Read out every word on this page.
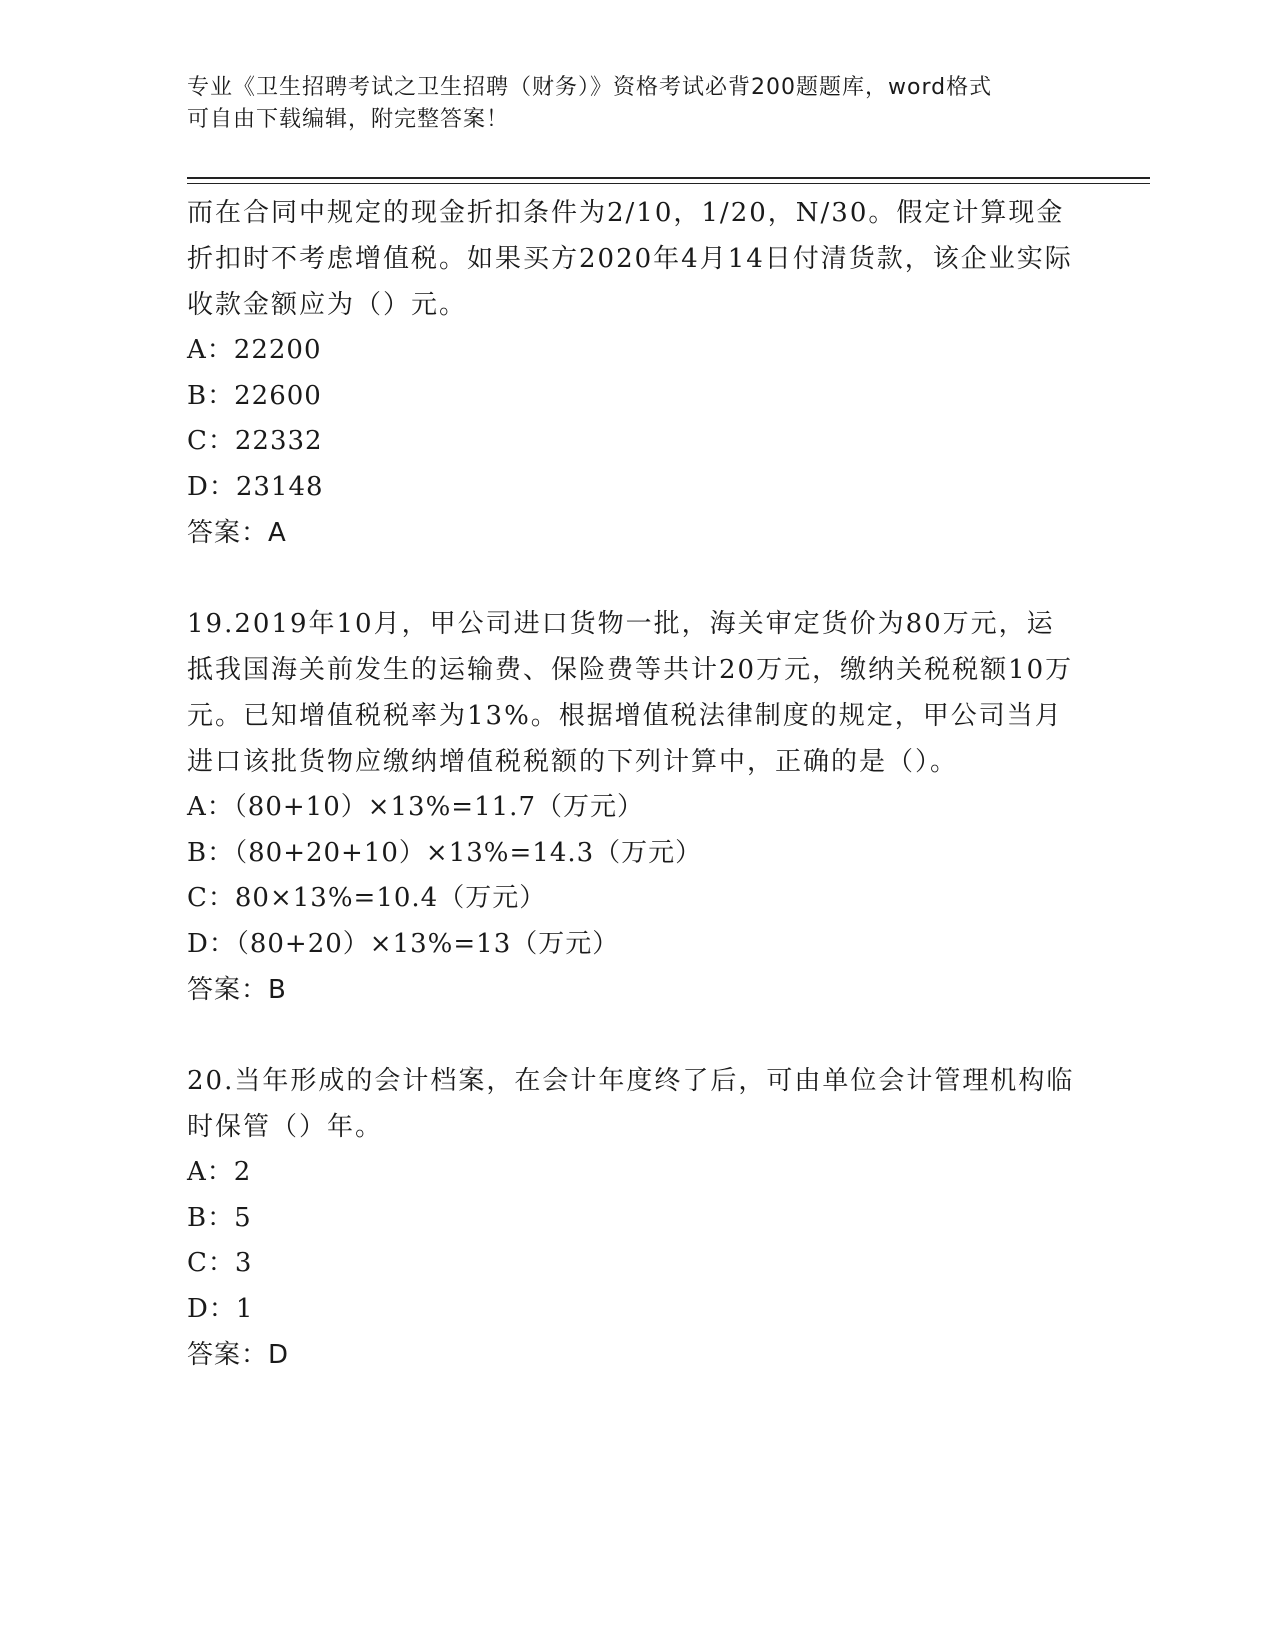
专业《卫生招聘考试之卫生招聘（财务）》资格考试必背200题题库，word格式
可自由下载编辑，附完整答案！

而在合同中规定的现金折扣条件为2/10，1/20，N/30。假定计算现金折扣时不考虑增值税。如果买方2020年4月14日付清货款，该企业实际收款金额应为（）元。

A：22200

B：22600

C：22332

D：23148

答案：A

19.2019年10月，甲公司进口货物一批，海关审定货价为80万元，运抵我国海关前发生的运输费、保险费等共计20万元，缴纳关税税额10万元。已知增值税税率为13%。根据增值税法律制度的规定，甲公司当月进口该批货物应缴纳增值税税额的下列计算中，正确的是（）。

A：（80+10）×13%=11.7（万元）

B：（80+20+10）×13%=14.3（万元）

C：80×13%=10.4（万元）

D：（80+20）×13%=13（万元）

答案：B

20.当年形成的会计档案，在会计年度终了后，可由单位会计管理机构临时保管（）年。

A：2

B：5

C：3

D：1

答案：D
